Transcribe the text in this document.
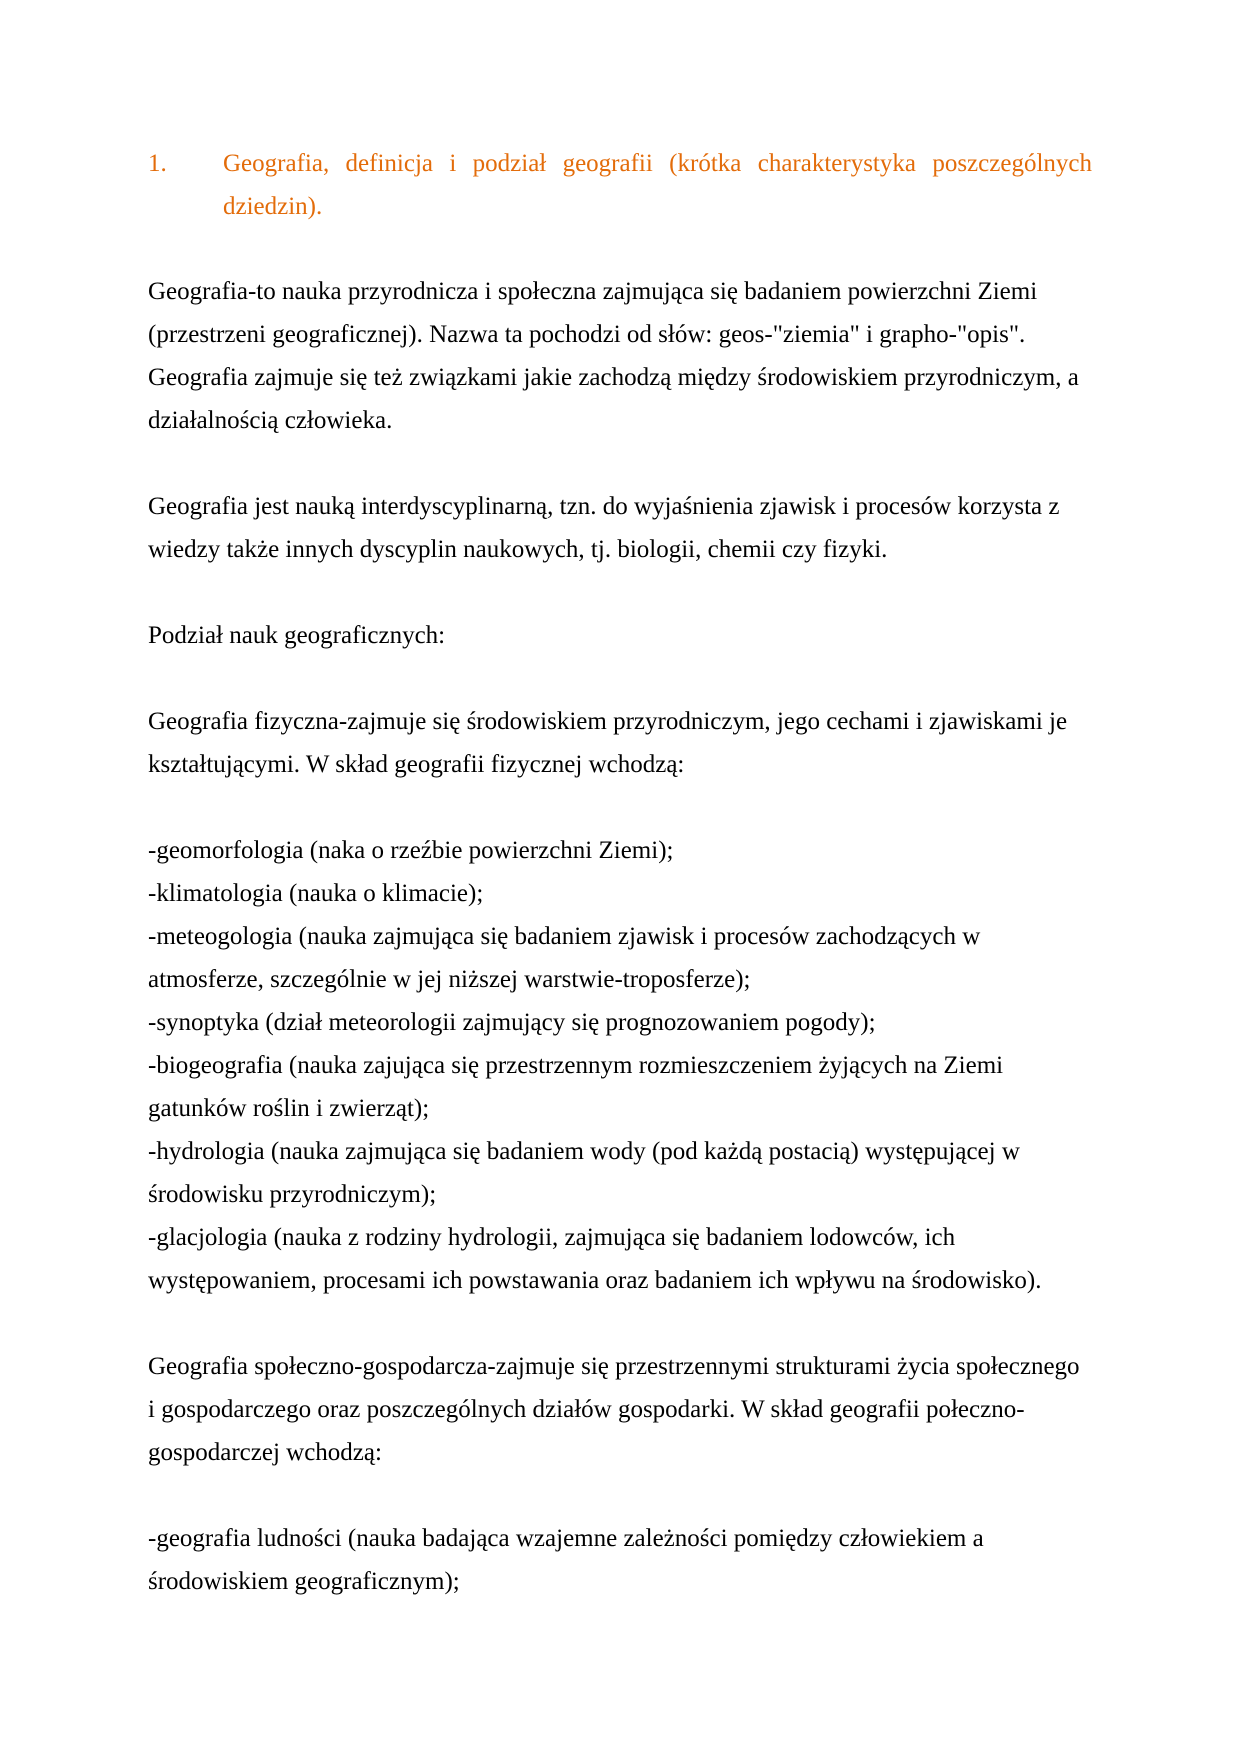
1. Geografia, definicja i podział geografii (krótka charakterystyka poszczególnych dziedzin).

Geografia-to nauka przyrodnicza i społeczna zajmująca się badaniem powierzchni Ziemi (przestrzeni geograficznej). Nazwa ta pochodzi od słów: geos-"ziemia" i grapho-"opis". Geografia zajmuje się też związkami jakie zachodzą między środowiskiem przyrodniczym, a działalnością człowieka.

Geografia jest nauką interdyscyplinarną, tzn. do wyjaśnienia zjawisk i procesów korzysta z wiedzy także innych dyscyplin naukowych, tj. biologii, chemii czy fizyki.

Podział nauk geograficznych:

Geografia fizyczna-zajmuje się środowiskiem przyrodniczym, jego cechami i zjawiskami je kształtującymi. W skład geografii fizycznej wchodzą:

-geomorfologia (naka o rzeźbie powierzchni Ziemi);

-klimatologia (nauka o klimacie);

-meteogologia (nauka zajmująca się badaniem zjawisk i procesów zachodzących w atmosferze, szczególnie w jej niższej warstwie-troposferze);

-synoptyka (dział meteorologii zajmujący się prognozowaniem pogody);

-biogeografia (nauka zajująca się przestrzennym rozmieszczeniem żyjących na Ziemi gatunków roślin i zwierząt);

-hydrologia (nauka zajmująca się badaniem wody (pod każdą postacią) występującej w środowisku przyrodniczym);

-glacjologia (nauka z rodziny hydrologii, zajmująca się badaniem lodowców, ich występowaniem, procesami ich powstawania oraz badaniem ich wpływu na środowisko).

Geografia społeczno-gospodarcza-zajmuje się przestrzennymi strukturami życia społecznego i gospodarczego oraz poszczególnych działów gospodarki. W skład geografii połeczno-gospodarczej wchodzą:

-geografia ludności (nauka badająca wzajemne zależności pomiędzy człowiekiem a środowiskiem geograficznym);
